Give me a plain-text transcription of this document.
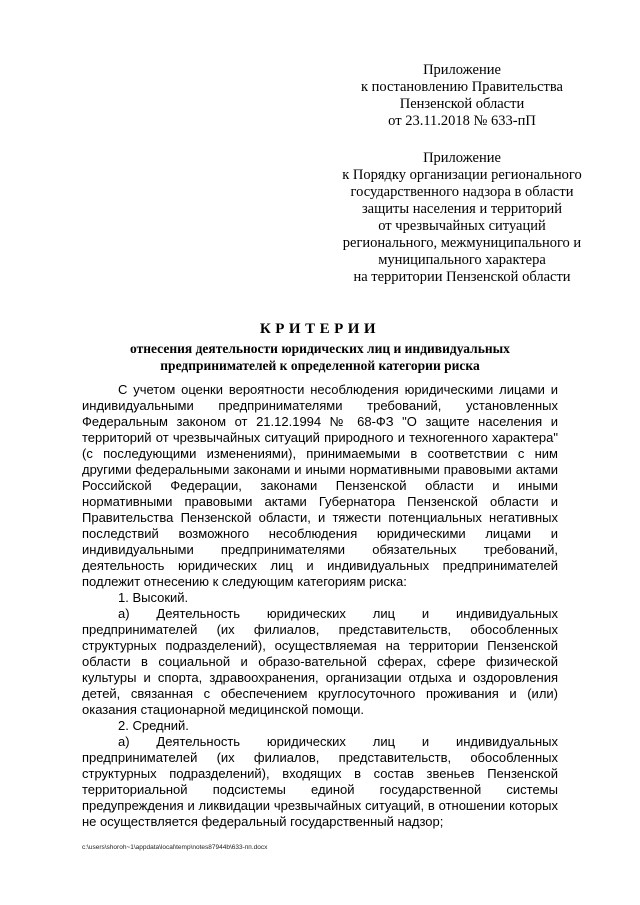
Приложение
к постановлению Правительства
Пензенской области
от 23.11.2018 № 633-пП
Приложение
к Порядку организации регионального
государственного надзора в области
защиты населения и территорий
от чрезвычайных ситуаций
регионального, межмуниципального и
муниципального характера
на территории Пензенской области
КРИТЕРИИ
отнесения деятельности юридических лиц и индивидуальных
предпринимателей к определенной категории риска

С учетом оценки вероятности несоблюдения юридическими лицами и индивидуальными предпринимателями требований, установленных Федеральным законом от 21.12.1994 № 68-ФЗ "О защите населения и территорий от чрезвычайных ситуаций природного и техногенного характера" (с последующими изменениями), принимаемыми в соответствии с ним другими федеральными законами и иными нормативными правовыми актами Российской Федерации, законами Пензенской области и иными нормативными правовыми актами Губернатора Пензенской области и Правительства Пензенской области, и тяжести потенциальных негативных последствий возможного несоблюдения юридическими лицами и индивидуальными предпринимателями обязательных требований, деятельность юридических лиц и индивидуальных предпринимателей подлежит отнесению к следующим категориям риска:

1. Высокий.

а) Деятельность юридических лиц и индивидуальных предпринимателей (их филиалов, представительств, обособленных структурных подразделений), осуществляемая на территории Пензенской области в социальной и образо-вательной сферах, сфере физической культуры и спорта, здравоохранения, организации отдыха и оздоровления детей, связанная с обеспечением круглосуточного проживания и (или) оказания стационарной медицинской помощи.

2. Средний.

а) Деятельность юридических лиц и индивидуальных предпринимателей (их филиалов, представительств, обособленных структурных подразделений), входящих в состав звеньев Пензенской территориальной подсистемы единой государственной системы предупреждения и ликвидации чрезвычайных ситуаций, в отношении которых не осуществляется федеральный государственный надзор;

c:\users\shoroh~1\appdata\local\temp\notes87944b\633-пп.docx
